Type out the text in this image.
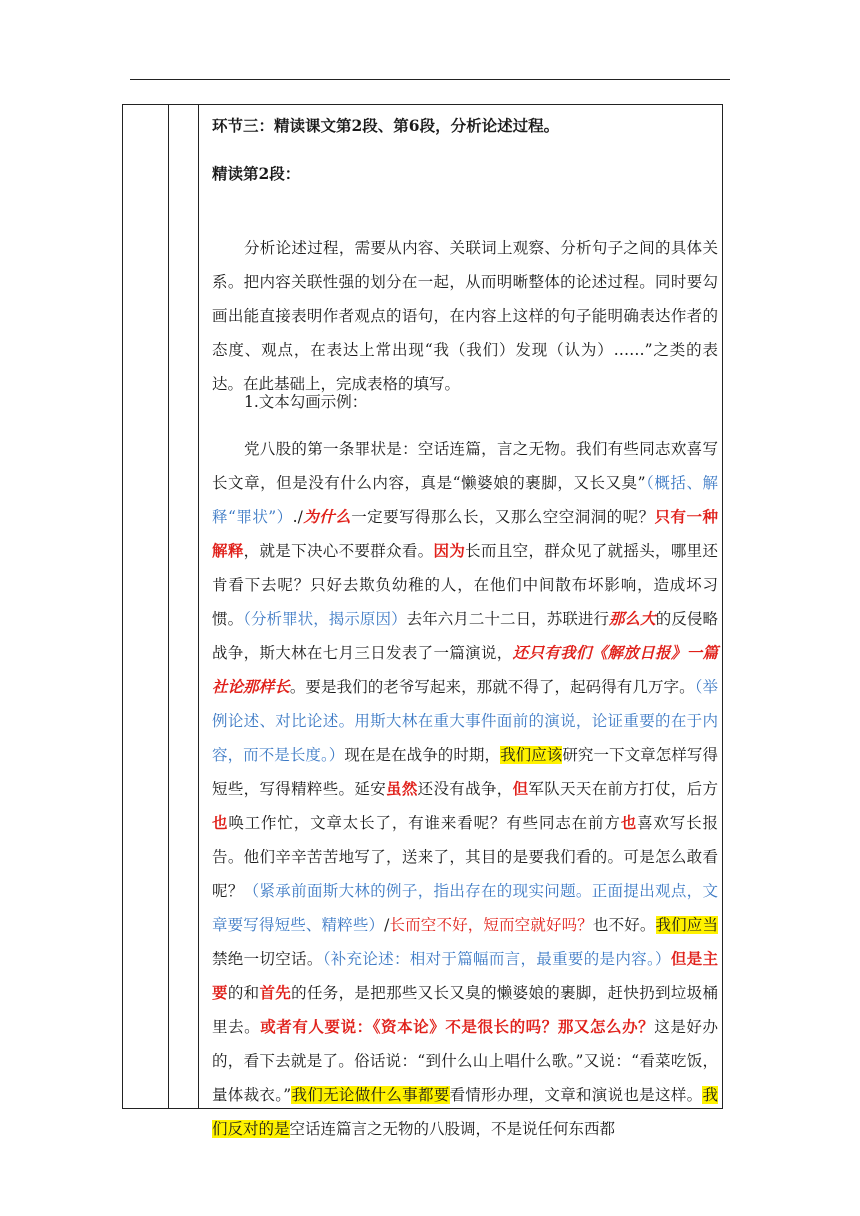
环节三：精读课文第2段、第6段，分析论述过程。

精读第2段：

分析论述过程，需要从内容、关联词上观察、分析句子之间的具体关系。把内容关联性强的划分在一起，从而明晰整体的论述过程。同时要勾画出能直接表明作者观点的语句，在内容上这样的句子能明确表达作者的态度、观点，在表达上常出现“我（我们）发现（认为）……”之类的表达。在此基础上，完成表格的填写。

1.文本勾画示例：

党八股的第一条罪状是：空话连篇，言之无物。我们有些同志欢喜写长文章，但是没有什么内容，真是“懒婆娘的裹脚，又长又臭”（概括、解释“罪状”）./为什么一定要写得那么长，又那么空空洞洞的呢？只有一种解释，就是下决心不要群众看。因为长而且空，群众见了就摇头，哪里还肯看下去呢？只好去欺负幼稚的人，在他们中间散布坏影响，造成坏习惯。（分析罪状，揭示原因）去年六月二十二日，苏联进行那么大的反侵略战争，斯大林在七月三日发表了一篇演说，还只有我们《解放日报》一篇社论那样长。要是我们的老爷写起来，那就不得了，起码得有几万字。（举例论述、对比论述。用斯大林在重大事件面前的演说，论证重要的在于内容，而不是长度。）现在是在战争的时期，我们应该研究一下文章怎样写得短些，写得精粹些。延安虽然还没有战争，但军队天天在前方打仗，后方也唤工作忙，文章太长了，有谁来看呢？有些同志在前方也喜欢写长报告。他们辛辛苦苦地写了，送来了，其目的是要我们看的。可是怎么敢看呢？（紧承前面斯大林的例子，指出存在的现实问题。正面提出观点，文章要写得短些、精粹些）/长而空不好，短而空就好吗？也不好。我们应当禁绝一切空话。（补充论述：相对于篇幅而言，最重要的是内容。）但是主要的和首先的任务，是把那些又长又臭的懒婆娘的裹脚，赶快扔到垃圾桶里去。或者有人要说：《资本论》不是很长的吗？那又怎么办？这是好办的，看下去就是了。俗话说：“到什么山上唱什么歌。”又说：“看菜吃饭，量体裁衣。”我们无论做什么事都要看情形办理，文章和演说也是这样。我们反对的是空话连篇言之无物的八股调，不是说任何东西都
